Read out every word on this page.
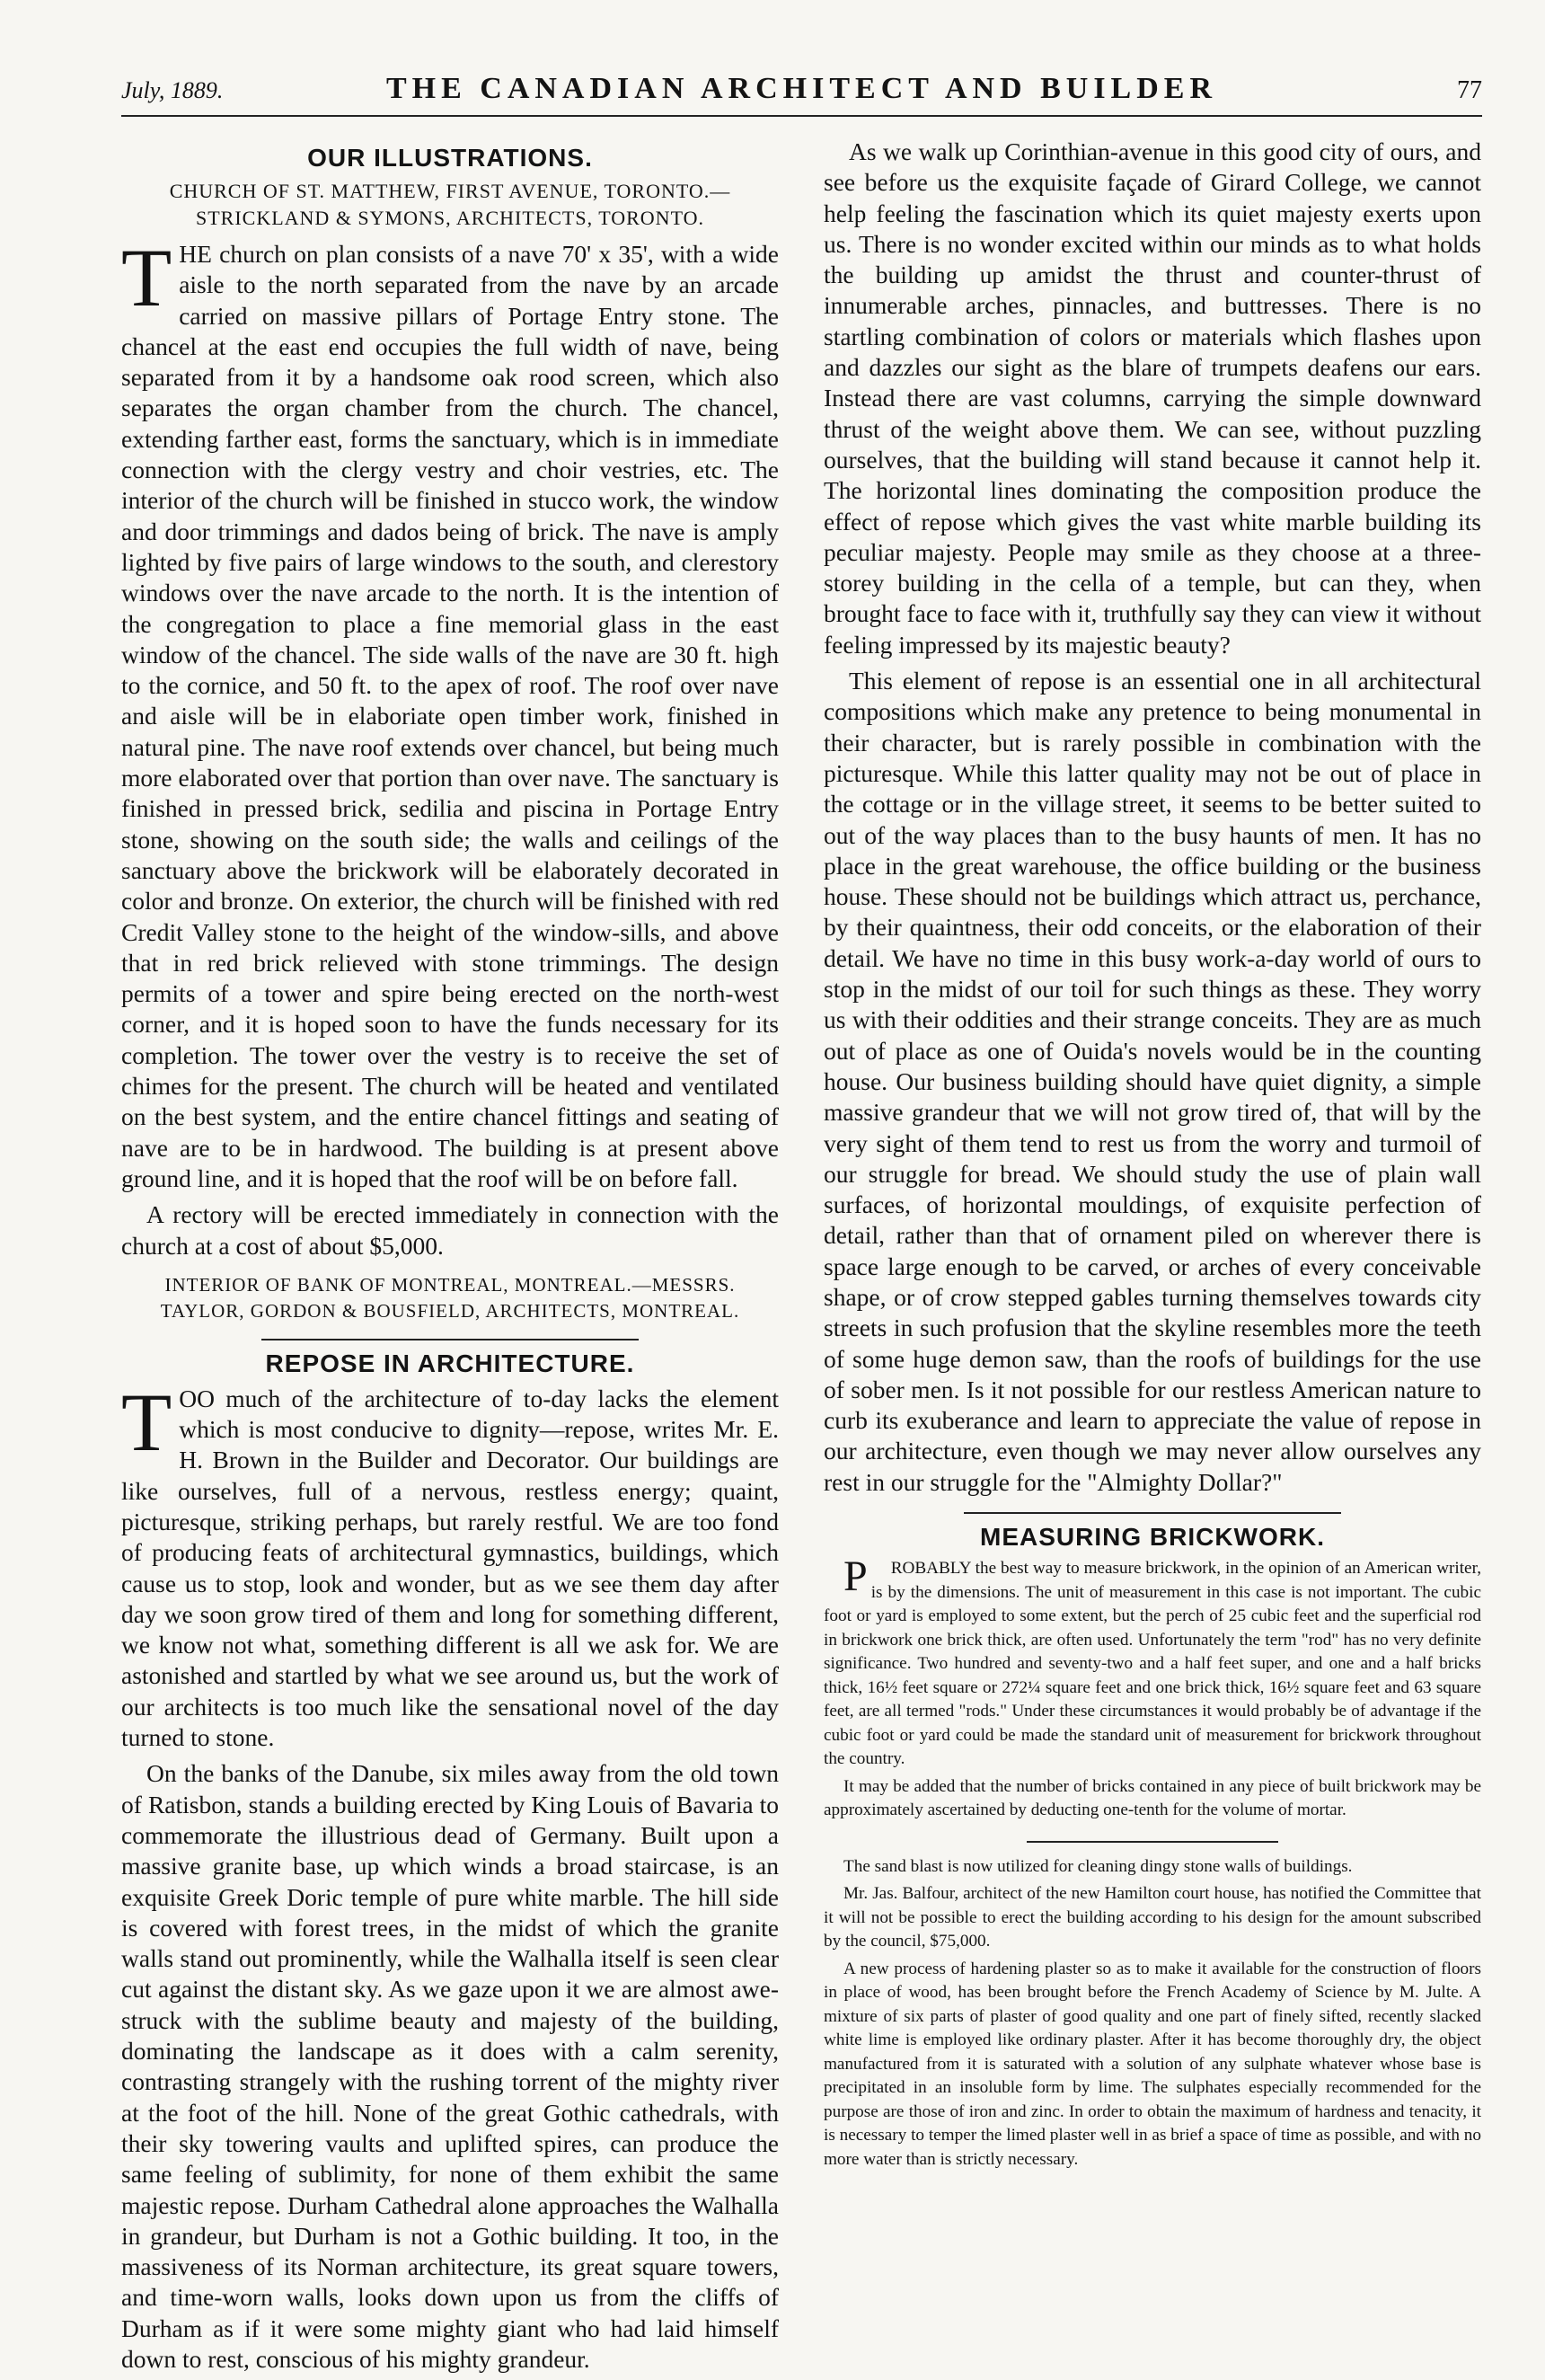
July, 1889.	THE CANADIAN ARCHITECT AND BUILDER	77
OUR ILLUSTRATIONS.
CHURCH OF ST. MATTHEW, FIRST AVENUE, TORONTO.— STRICKLAND & SYMONS, ARCHITECTS, TORONTO.

THE church on plan consists of a nave 70' x 35', with a wide aisle to the north separated from the nave by an arcade carried on massive pillars of Portage Entry stone. The chancel at the east end occupies the full width of nave, being separated from it by a handsome oak rood screen, which also separates the organ chamber from the church. The chancel, extending farther east, forms the sanctuary, which is in immediate connection with the clergy vestry and choir vestries, etc. The interior of the church will be finished in stucco work, the window and door trimmings and dados being of brick. The nave is amply lighted by five pairs of large windows to the south, and clerestory windows over the nave arcade to the north. It is the intention of the congregation to place a fine memorial glass in the east window of the chancel. The side walls of the nave are 30 ft. high to the cornice, and 50 ft. to the apex of roof. The roof over nave and aisle will be in elaboriate open timber work, finished in natural pine. The nave roof extends over chancel, but being much more elaborated over that portion than over nave. The sanctuary is finished in pressed brick, sedilia and piscina in Portage Entry stone, showing on the south side; the walls and ceilings of the sanctuary above the brickwork will be elaborately decorated in color and bronze. On exterior, the church will be finished with red Credit Valley stone to the height of the window-sills, and above that in red brick relieved with stone trimmings. The design permits of a tower and spire being erected on the north-west corner, and it is hoped soon to have the funds necessary for its completion. The tower over the vestry is to receive the set of chimes for the present. The church will be heated and ventilated on the best system, and the entire chancel fittings and seating of nave are to be in hardwood. The building is at present above ground line, and it is hoped that the roof will be on before fall.

A rectory will be erected immediately in connection with the church at a cost of about $5,000.

INTERIOR OF BANK OF MONTREAL, MONTREAL.—MESSRS. TAYLOR, GORDON & BOUSFIELD, ARCHITECTS, MONTREAL.
REPOSE IN ARCHITECTURE.

TOO much of the architecture of to-day lacks the element which is most conducive to dignity—repose, writes Mr. E. H. Brown in the Builder and Decorator. Our buildings are like ourselves, full of a nervous, restless energy; quaint, picturesque, striking perhaps, but rarely restful. We are too fond of producing feats of architectural gymnastics, buildings, which cause us to stop, look and wonder, but as we see them day after day we soon grow tired of them and long for something different, we know not what, something different is all we ask for. We are astonished and startled by what we see around us, but the work of our architects is too much like the sensational novel of the day turned to stone.

On the banks of the Danube, six miles away from the old town of Ratisbon, stands a building erected by King Louis of Bavaria to commemorate the illustrious dead of Germany. Built upon a massive granite base, up which winds a broad staircase, is an exquisite Greek Doric temple of pure white marble. The hill side is covered with forest trees, in the midst of which the granite walls stand out prominently, while the Walhalla itself is seen clear cut against the distant sky. As we gaze upon it we are almost awe-struck with the sublime beauty and majesty of the building, dominating the landscape as it does with a calm serenity, contrasting strangely with the rushing torrent of the mighty river at the foot of the hill. None of the great Gothic cathedrals, with their sky towering vaults and uplifted spires, can produce the same feeling of sublimity, for none of them exhibit the same majestic repose. Durham Cathedral alone approaches the Walhalla in grandeur, but Durham is not a Gothic building. It too, in the massiveness of its Norman architecture, its great square towers, and time-worn walls, looks down upon us from the cliffs of Durham as if it were some mighty giant who had laid himself down to rest, conscious of his mighty grandeur.

As we walk up Corinthian-avenue in this good city of ours, and see before us the exquisite façade of Girard College, we cannot help feeling the fascination which its quiet majesty exerts upon us. There is no wonder excited within our minds as to what holds the building up amidst the thrust and counter-thrust of innumerable arches, pinnacles, and buttresses. There is no startling combination of colors or materials which flashes upon and dazzles our sight as the blare of trumpets deafens our ears. Instead there are vast columns, carrying the simple downward thrust of the weight above them. We can see, without puzzling ourselves, that the building will stand because it cannot help it. The horizontal lines dominating the composition produce the effect of repose which gives the vast white marble building its peculiar majesty. People may smile as they choose at a three-storey building in the cella of a temple, but can they, when brought face to face with it, truthfully say they can view it without feeling impressed by its majestic beauty?

This element of repose is an essential one in all architectural compositions which make any pretence to being monumental in their character, but is rarely possible in combination with the picturesque. While this latter quality may not be out of place in the cottage or in the village street, it seems to be better suited to out of the way places than to the busy haunts of men. It has no place in the great warehouse, the office building or the business house. These should not be buildings which attract us, perchance, by their quaintness, their odd conceits, or the elaboration of their detail. We have no time in this busy work-a-day world of ours to stop in the midst of our toil for such things as these. They worry us with their oddities and their strange conceits. They are as much out of place as one of Ouida's novels would be in the counting house. Our business building should have quiet dignity, a simple massive grandeur that we will not grow tired of, that will by the very sight of them tend to rest us from the worry and turmoil of our struggle for bread. We should study the use of plain wall surfaces, of horizontal mouldings, of exquisite perfection of detail, rather than that of ornament piled on wherever there is space large enough to be carved, or arches of every conceivable shape, or of crow stepped gables turning themselves towards city streets in such profusion that the skyline resembles more the teeth of some huge demon saw, than the roofs of buildings for the use of sober men. Is it not possible for our restless American nature to curb its exuberance and learn to appreciate the value of repose in our architecture, even though we may never allow ourselves any rest in our struggle for the "Almighty Dollar?"

MEASURING BRICKWORK.

P ROBABLY the best way to measure brickwork, in the opinion of an American writer, is by the dimensions. The unit of measurement in this case is not important. The cubic foot or yard is employed to some extent, but the perch of 25 cubic feet and the superficial rod in brickwork one brick thick, are often used. Unfortunately the term "rod" has no very definite significance. Two hundred and seventy-two and a half feet super, and one and a half bricks thick, 16½ feet square or 272¼ square feet and one brick thick, 16½ square feet and 63 square feet, are all termed "rods." Under these circumstances it would probably be of advantage if the cubic foot or yard could be made the standard unit of measurement for brickwork throughout the country.

It may be added that the number of bricks contained in any piece of built brickwork may be approximately ascertained by deducting one-tenth for the volume of mortar.

The sand blast is now utilized for cleaning dingy stone walls of buildings.

Mr. Jas. Balfour, architect of the new Hamilton court house, has notified the Committee that it will not be possible to erect the building according to his design for the amount subscribed by the council, $75,000.

A new process of hardening plaster so as to make it available for the construction of floors in place of wood, has been brought before the French Academy of Science by M. Julte. A mixture of six parts of plaster of good quality and one part of finely sifted, recently slacked white lime is employed like ordinary plaster. After it has become thoroughly dry, the object manufactured from it is saturated with a solution of any sulphate whatever whose base is precipitated in an insoluble form by lime. The sulphates especially recommended for the purpose are those of iron and zinc. In order to obtain the maximum of hardness and tenacity, it is necessary to temper the limed plaster well in as brief a space of time as possible, and with no more water than is strictly necessary.
